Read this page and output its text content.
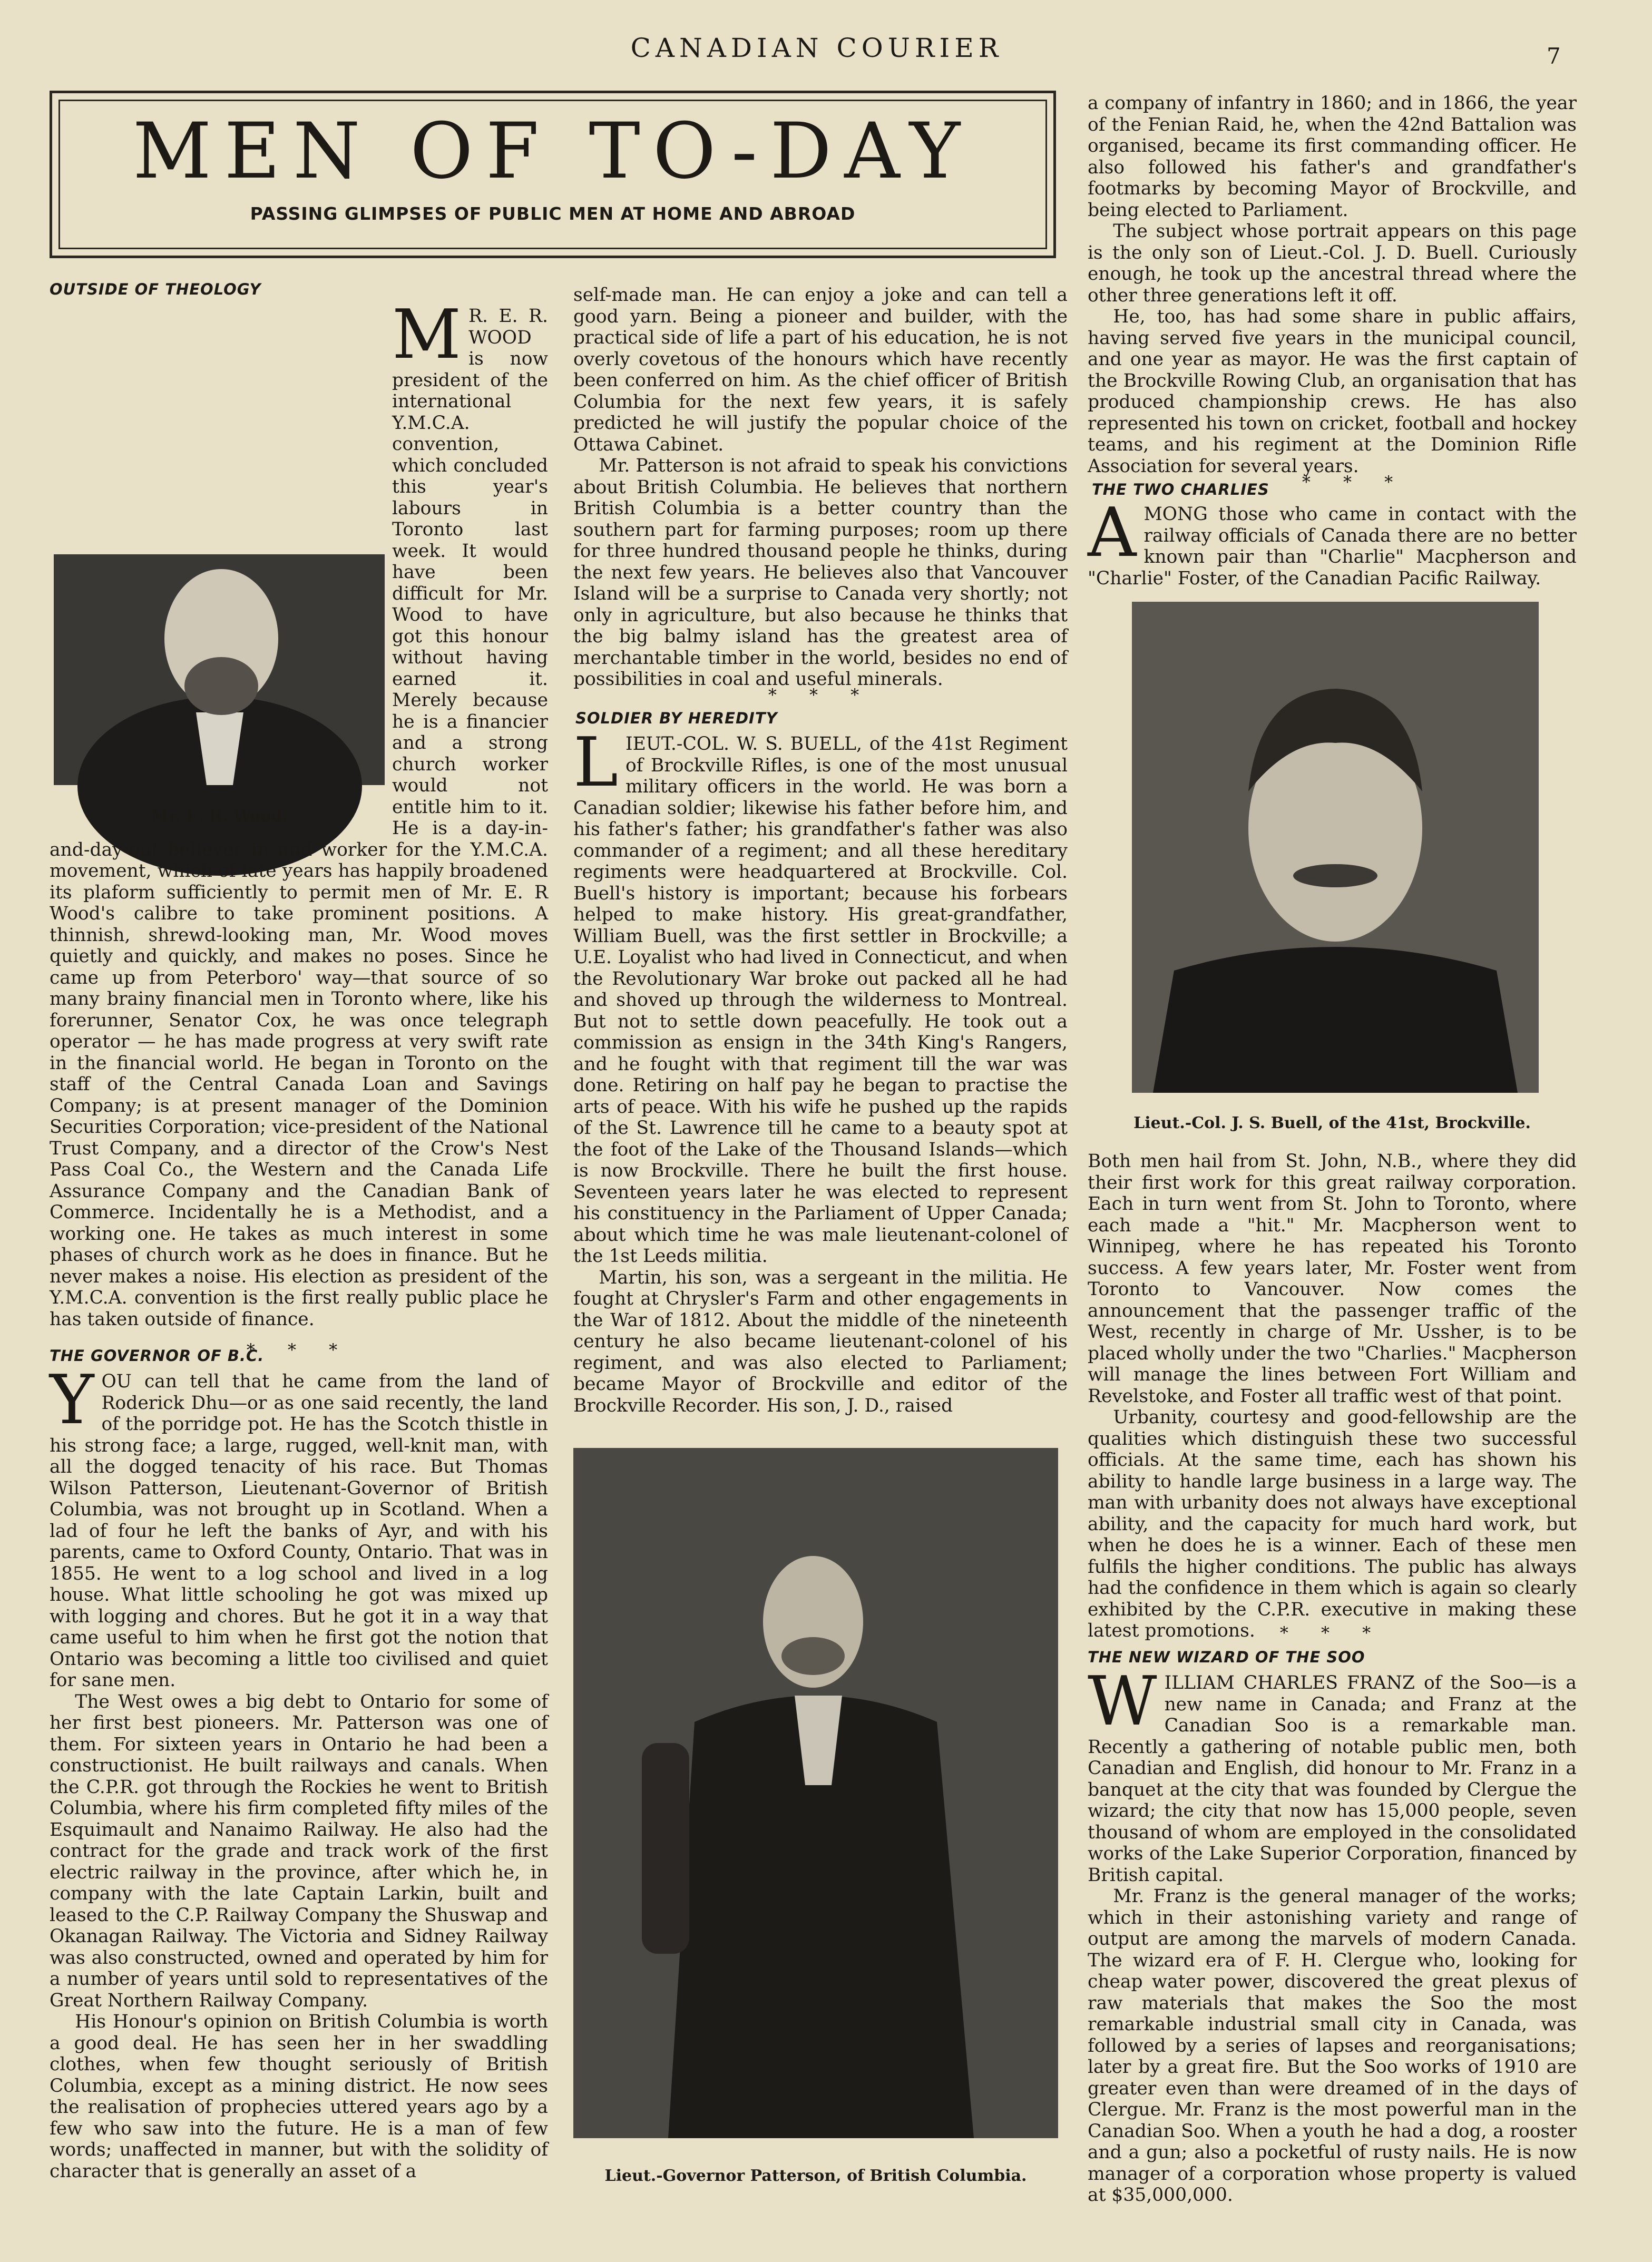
CANADIAN COURIER	7
MEN OF TO-DAY
PASSING GLIMPSES OF PUBLIC MEN AT HOME AND ABROAD
OUTSIDE OF THEOLOGY
Mr. E. R. Wood.

M R. E. R. WOOD is now president of the international Y.M.C.A. convention, which concluded this year's labours in Toronto last week. It would have been difficult for Mr. Wood to have got this honour without having earned it. Merely because he is a financier and a strong church worker would not entitle him to it. He is a day-in-and-day-out believer in and worker for the Y.M.C.A. movement, which of late years has happily broadened its plaform sufficiently to permit men of Mr. E. R Wood's calibre to take prominent positions. A thinnish, shrewd-looking man, Mr. Wood moves quietly and quickly, and makes no poses. Since he came up from Peterboro' way—that source of so many brainy financial men in Toronto where, like his forerunner, Senator Cox, he was once telegraph operator — he has made progress at very swift rate in the financial world. He began in Toronto on the staff of the Central Canada Loan and Savings Company; is at present manager of the Dominion Securities Corporation; vice-president of the National Trust Company, and a director of the Crow's Nest Pass Coal Co., the Western and the Canada Life Assurance Company and the Canadian Bank of Commerce. Incidentally he is a Methodist, and a working one. He takes as much interest in some phases of church work as he does in finance. But he never makes a noise. His election as president of the Y.M.C.A. convention is the first really public place he has taken outside of finance.

* * *
THE GOVERNOR OF B.C.

YOU can tell that he came from the land of Roderick Dhu—or as one said recently, the land of the porridge pot. He has the Scotch thistle in his strong face; a large, rugged, well-knit man, with all the dogged tenacity of his race. But Thomas Wilson Patterson, Lieutenant-Governor of British Columbia, was not brought up in Scotland. When a lad of four he left the banks of Ayr, and with his parents, came to Oxford County, Ontario. That was in 1855. He went to a log school and lived in a log house. What little schooling he got was mixed up with logging and chores. But he got it in a way that came useful to him when he first got the notion that Ontario was becoming a little too civilised and quiet for sane men.

The West owes a big debt to Ontario for some of her first best pioneers. Mr. Patterson was one of them. For sixteen years in Ontario he had been a constructionist. He built railways and canals. When the C.P.R. got through the Rockies he went to British Columbia, where his firm completed fifty miles of the Esquimault and Nanaimo Railway. He also had the contract for the grade and track work of the first electric railway in the province, after which he, in company with the late Captain Larkin, built and leased to the C.P. Railway Company the Shuswap and Okanagan Railway. The Victoria and Sidney Railway was also constructed, owned and operated by him for a number of years until sold to representatives of the Great Northern Railway Company.

His Honour's opinion on British Columbia is worth a good deal. He has seen her in her swaddling clothes, when few thought seriously of British Columbia, except as a mining district. He now sees the realisation of prophecies uttered years ago by a few who saw into the future. He is a man of few words; unaffected in manner, but with the solidity of character that is generally an asset of a

self-made man. He can enjoy a joke and can tell a good yarn. Being a pioneer and builder, with the practical side of life a part of his education, he is not overly covetous of the honours which have recently been conferred on him. As the chief officer of British Columbia for the next few years, it is safely predicted he will justify the popular choice of the Ottawa Cabinet.

Mr. Patterson is not afraid to speak his convictions about British Columbia. He believes that northern British Columbia is a better country than the southern part for farming purposes; room up there for three hundred thousand people he thinks, during the next few years. He believes also that Vancouver Island will be a surprise to Canada very shortly; not only in agriculture, but also because he thinks that the big balmy island has the greatest area of merchantable timber in the world, besides no end of possibilities in coal and useful minerals.

* * *
SOLDIER BY HEREDITY

LIEUT.-COL. W. S. BUELL, of the 41st Regiment of Brockville Rifles, is one of the most unusual military officers in the world. He was born a Canadian soldier; likewise his father before him, and his father's father; his grandfather's father was also commander of a regiment; and all these hereditary regiments were headquartered at Brockville. Col. Buell's history is important; because his forbears helped to make history. His great-grandfather, William Buell, was the first settler in Brockville; a U.E. Loyalist who had lived in Connecticut, and when the Revolutionary War broke out packed all he had and shoved up through the wilderness to Montreal. But not to settle down peacefully. He took out a commission as ensign in the 34th King's Rangers, and he fought with that regiment till the war was done. Retiring on half pay he began to practise the arts of peace. With his wife he pushed up the rapids of the St. Lawrence till he came to a beauty spot at the foot of the Lake of the Thousand Islands—which is now Brockville. There he built the first house. Seventeen years later he was elected to represent his constituency in the Parliament of Upper Canada; about which time he was male lieutenant-colonel of the 1st Leeds militia.

Martin, his son, was a sergeant in the militia. He fought at Chrysler's Farm and other engagements in the War of 1812. About the middle of the nineteenth century he also became lieutenant-colonel of his regiment, and was also elected to Parliament; became Mayor of Brockville and editor of the Brockville Recorder. His son, J. D., raised

Lieut.-Governor Patterson, of British Columbia.

a company of infantry in 1860; and in 1866, the year of the Fenian Raid, he, when the 42nd Battalion was organised, became its first commanding officer. He also followed his father's and grandfather's footmarks by becoming Mayor of Brockville, and being elected to Parliament.

The subject whose portrait appears on this page is the only son of Lieut.-Col. J. D. Buell. Curiously enough, he took up the ancestral thread where the other three generations left it off.

He, too, has had some share in public affairs, having served five years in the municipal council, and one year as mayor. He was the first captain of the Brockville Rowing Club, an organisation that has produced championship crews. He has also represented his town on cricket, football and hockey teams, and his regiment at the Dominion Rifle Association for several years.

THE TWO CHARLIES * * *

AMONG those who came in contact with the railway officials of Canada there are no better known pair than "Charlie" Macpherson and "Charlie" Foster, of the Canadian Pacific Railway.

Lieut.-Col. J. S. Buell, of the 41st, Brockville.

Both men hail from St. John, N.B., where they did their first work for this great railway corporation. Each in turn went from St. John to Toronto, where each made a "hit." Mr. Macpherson went to Winnipeg, where he has repeated his Toronto success. A few years later, Mr. Foster went from Toronto to Vancouver. Now comes the announcement that the passenger traffic of the West, recently in charge of Mr. Ussher, is to be placed wholly under the two "Charlies." Macpherson will manage the lines between Fort William and Revelstoke, and Foster all traffic west of that point.

Urbanity, courtesy and good-fellowship are the qualities which distinguish these two successful officials. At the same time, each has shown his ability to handle large business in a large way. The man with urbanity does not always have exceptional ability, and the capacity for much hard work, but when he does he is a winner. Each of these men fulfils the higher conditions. The public has always had the confidence in them which is again so clearly exhibited by the C.P.R. executive in making these latest promotions.	* * *
THE NEW WIZARD OF THE SOO

WILLIAM CHARLES FRANZ of the Soo—is a new name in Canada; and Franz at the Canadian Soo is a remarkable man. Recently a gathering of notable public men, both Canadian and English, did honour to Mr. Franz in a banquet at the city that was founded by Clergue the wizard; the city that now has 15,000 people, seven thousand of whom are employed in the consolidated works of the Lake Superior Corporation, financed by British capital.

Mr. Franz is the general manager of the works; which in their astonishing variety and range of output are among the marvels of modern Canada. The wizard era of F. H. Clergue who, looking for cheap water power, discovered the great plexus of raw materials that makes the Soo the most remarkable industrial small city in Canada, was followed by a series of lapses and reorganisations; later by a great fire. But the Soo works of 1910 are greater even than were dreamed of in the days of Clergue. Mr. Franz is the most powerful man in the Canadian Soo. When a youth he had a dog, a rooster and a gun; also a pocketful of rusty nails. He is now manager of a corporation whose property is valued at $35,000,000.
